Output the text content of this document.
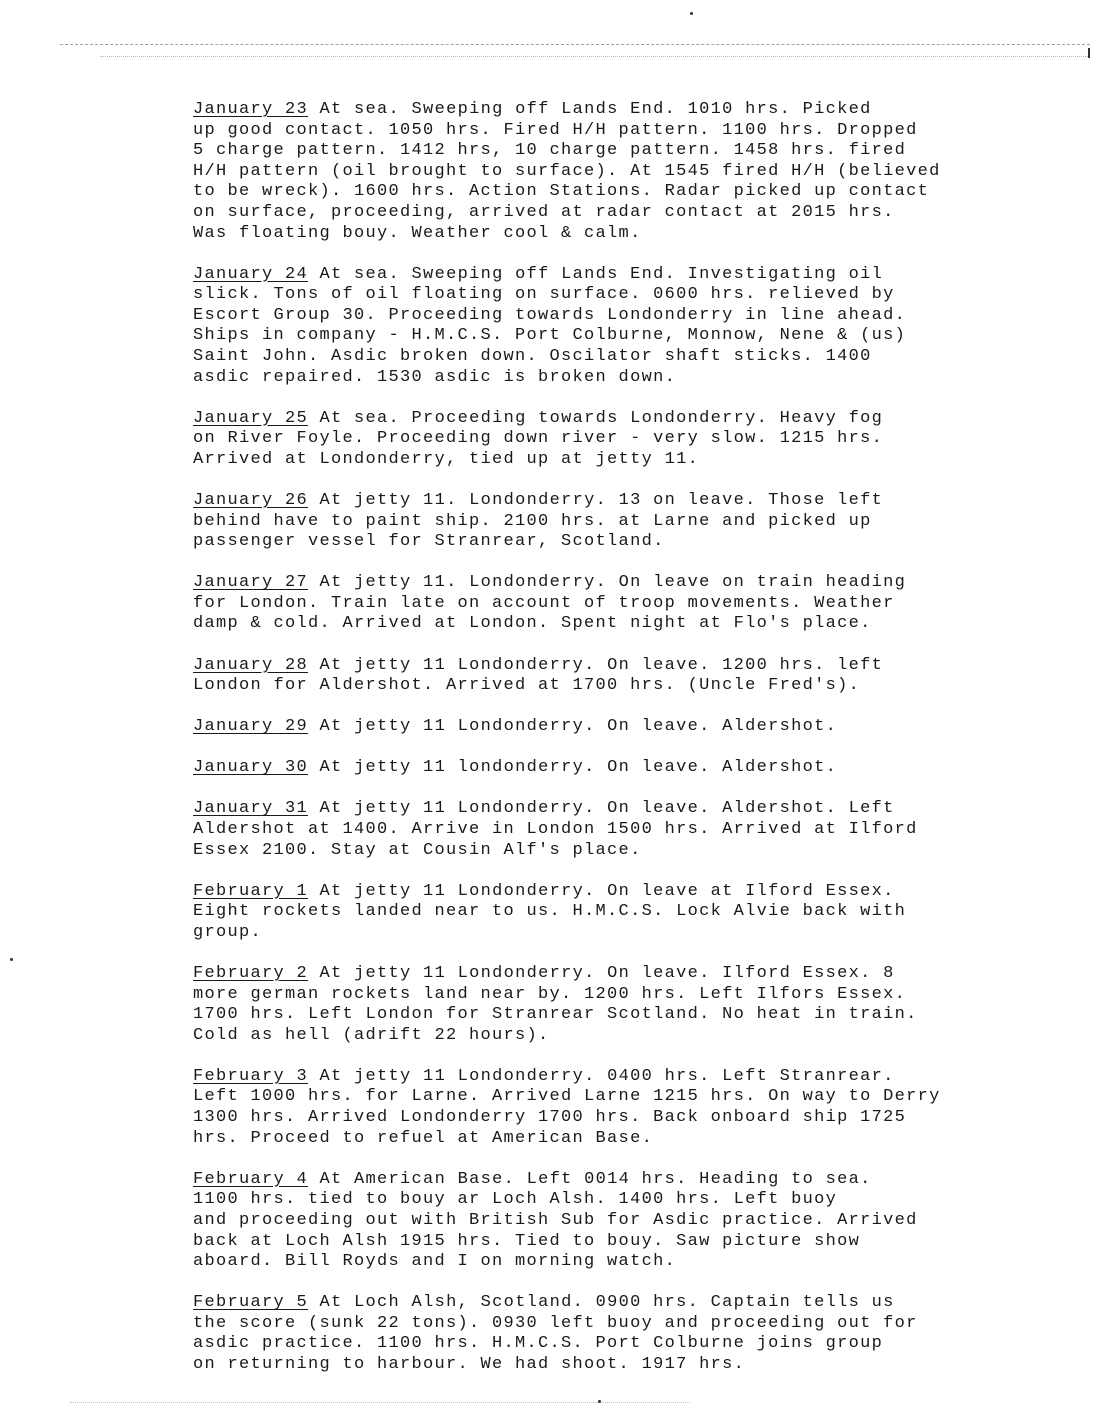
January 23 At sea. Sweeping off Lands End. 1010 hrs. Picked
up good contact. 1050 hrs. Fired H/H pattern. 1100 hrs. Dropped
5 charge pattern. 1412 hrs, 10 charge pattern. 1458 hrs. fired
H/H pattern (oil brought to surface). At 1545 fired H/H (believed
to be wreck). 1600 hrs. Action Stations. Radar picked up contact
on surface, proceeding, arrived at radar contact at 2015 hrs.
Was floating bouy. Weather cool & calm.
January 24 At sea. Sweeping off Lands End. Investigating oil
slick. Tons of oil floating on surface. 0600 hrs. relieved by
Escort Group 30. Proceeding towards Londonderry in line ahead.
Ships in company - H.M.C.S. Port Colburne, Monnow, Nene & (us)
Saint John. Asdic broken down. Oscilator shaft sticks. 1400
asdic repaired. 1530 asdic is broken down.
January 25 At sea. Proceeding towards Londonderry. Heavy fog
on River Foyle. Proceeding down river - very slow. 1215 hrs.
Arrived at Londonderry, tied up at jetty 11.
January 26 At jetty 11. Londonderry. 13 on leave. Those left
behind have to paint ship. 2100 hrs. at Larne and picked up
passenger vessel for Stranrear, Scotland.
January 27 At jetty 11. Londonderry. On leave on train heading
for London. Train late on account of troop movements. Weather
damp & cold. Arrived at London. Spent night at Flo's place.
January 28 At jetty 11 Londonderry. On leave. 1200 hrs. left
London for Aldershot. Arrived at 1700 hrs. (Uncle Fred's).
January 29 At jetty 11 Londonderry. On leave. Aldershot.
January 30 At jetty 11 londonderry. On leave. Aldershot.
January 31 At jetty 11 Londonderry. On leave. Aldershot. Left
Aldershot at 1400. Arrive in London 1500 hrs. Arrived at Ilford
Essex 2100. Stay at Cousin Alf's place.
February 1 At jetty 11 Londonderry. On leave at Ilford Essex.
Eight rockets landed near to us. H.M.C.S. Lock Alvie back with
group.
February 2 At jetty 11 Londonderry. On leave. Ilford Essex. 8
more german rockets land near by. 1200 hrs. Left Ilfors Essex.
1700 hrs. Left London for Stranrear Scotland. No heat in train.
Cold as hell (adrift 22 hours).
February 3 At jetty 11 Londonderry. 0400 hrs. Left Stranrear.
Left 1000 hrs. for Larne. Arrived Larne 1215 hrs. On way to Derry
1300 hrs. Arrived Londonderry 1700 hrs. Back onboard ship 1725
hrs. Proceed to refuel at American Base.
February 4 At American Base. Left 0014 hrs. Heading to sea.
1100 hrs. tied to bouy ar Loch Alsh. 1400 hrs. Left buoy
and proceeding out with British Sub for Asdic practice. Arrived
back at Loch Alsh 1915 hrs. Tied to bouy. Saw picture show
aboard. Bill Royds and I on morning watch.
February 5 At Loch Alsh, Scotland. 0900 hrs. Captain tells us
the score (sunk 22 tons). 0930 left buoy and proceeding out for
asdic practice. 1100 hrs. H.M.C.S. Port Colburne joins group
on returning to harbour. We had shoot. 1917 hrs.
